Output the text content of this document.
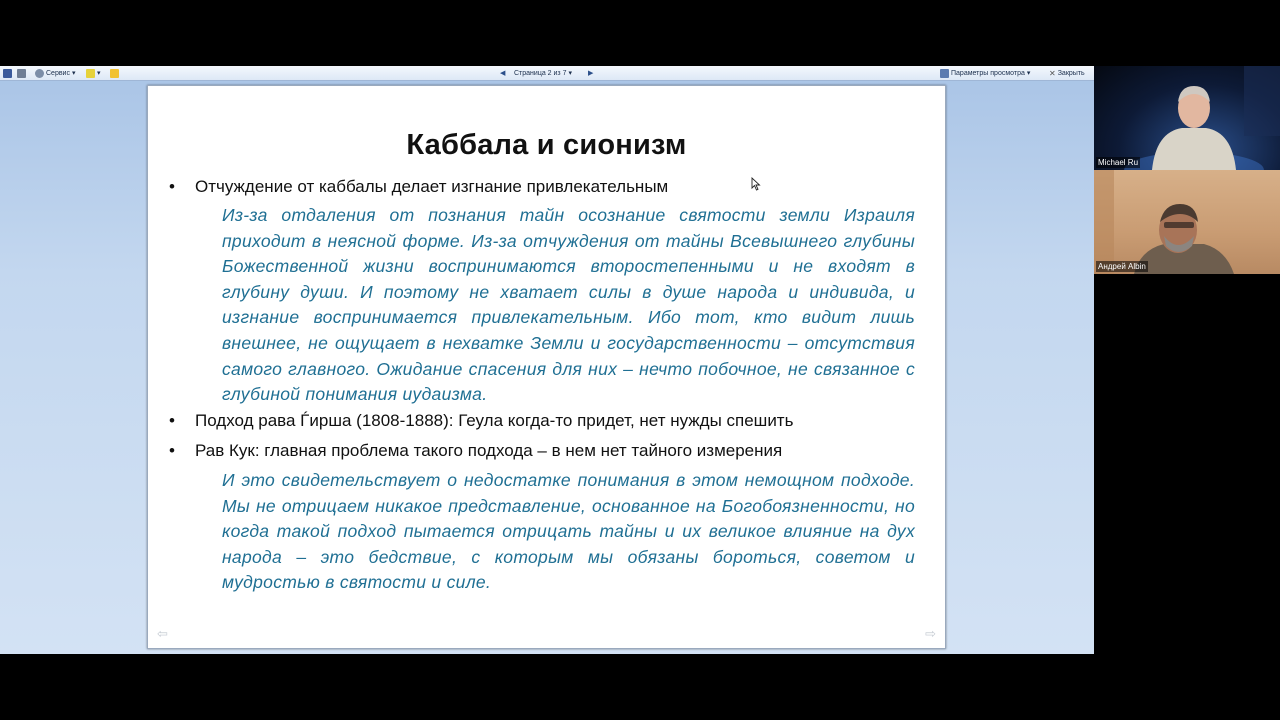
Сервис ▾	▾	◀ Страница 2 из 7 ▾ ▶	Параметры просмотра ▾ ✕ Закрыть
Каббала и сионизм
• Отчуждение от каббалы делает изгнание привлекательным
Из-за отдаления от познания тайн осознание святости земли Израиля приходит в неясной форме. Из-за отчуждения от тайны Всевышнего глубины Божественной жизни воспринимаются второстепенными и не входят в глубину души. И поэтому не хватает силы в душе народа и индивида, и изгнание воспринимается привлекательным. Ибо тот, кто видит лишь внешнее, не ощущает в нехватке Земли и государственности – отсутствия самого главного. Ожидание спасения для них – нечто побочное, не связанное с глубиной понимания иудаизма.
• Подход рава Ѓирша (1808-1888): Геула когда-то придет, нет нужды спешить
• Рав Кук: главная проблема такого подхода – в нем нет тайного измерения
И это свидетельствует о недостатке понимания в этом немощном подходе. Мы не отрицаем никакое представление, основанное на Богобоязненности, но когда такой подход пытается отрицать тайны и их великое влияние на дух народа – это бедствие, с которым мы обязаны бороться, советом и мудростью в святости и силе.
⇦	⇨
Michael Ru
Андрей Albin
